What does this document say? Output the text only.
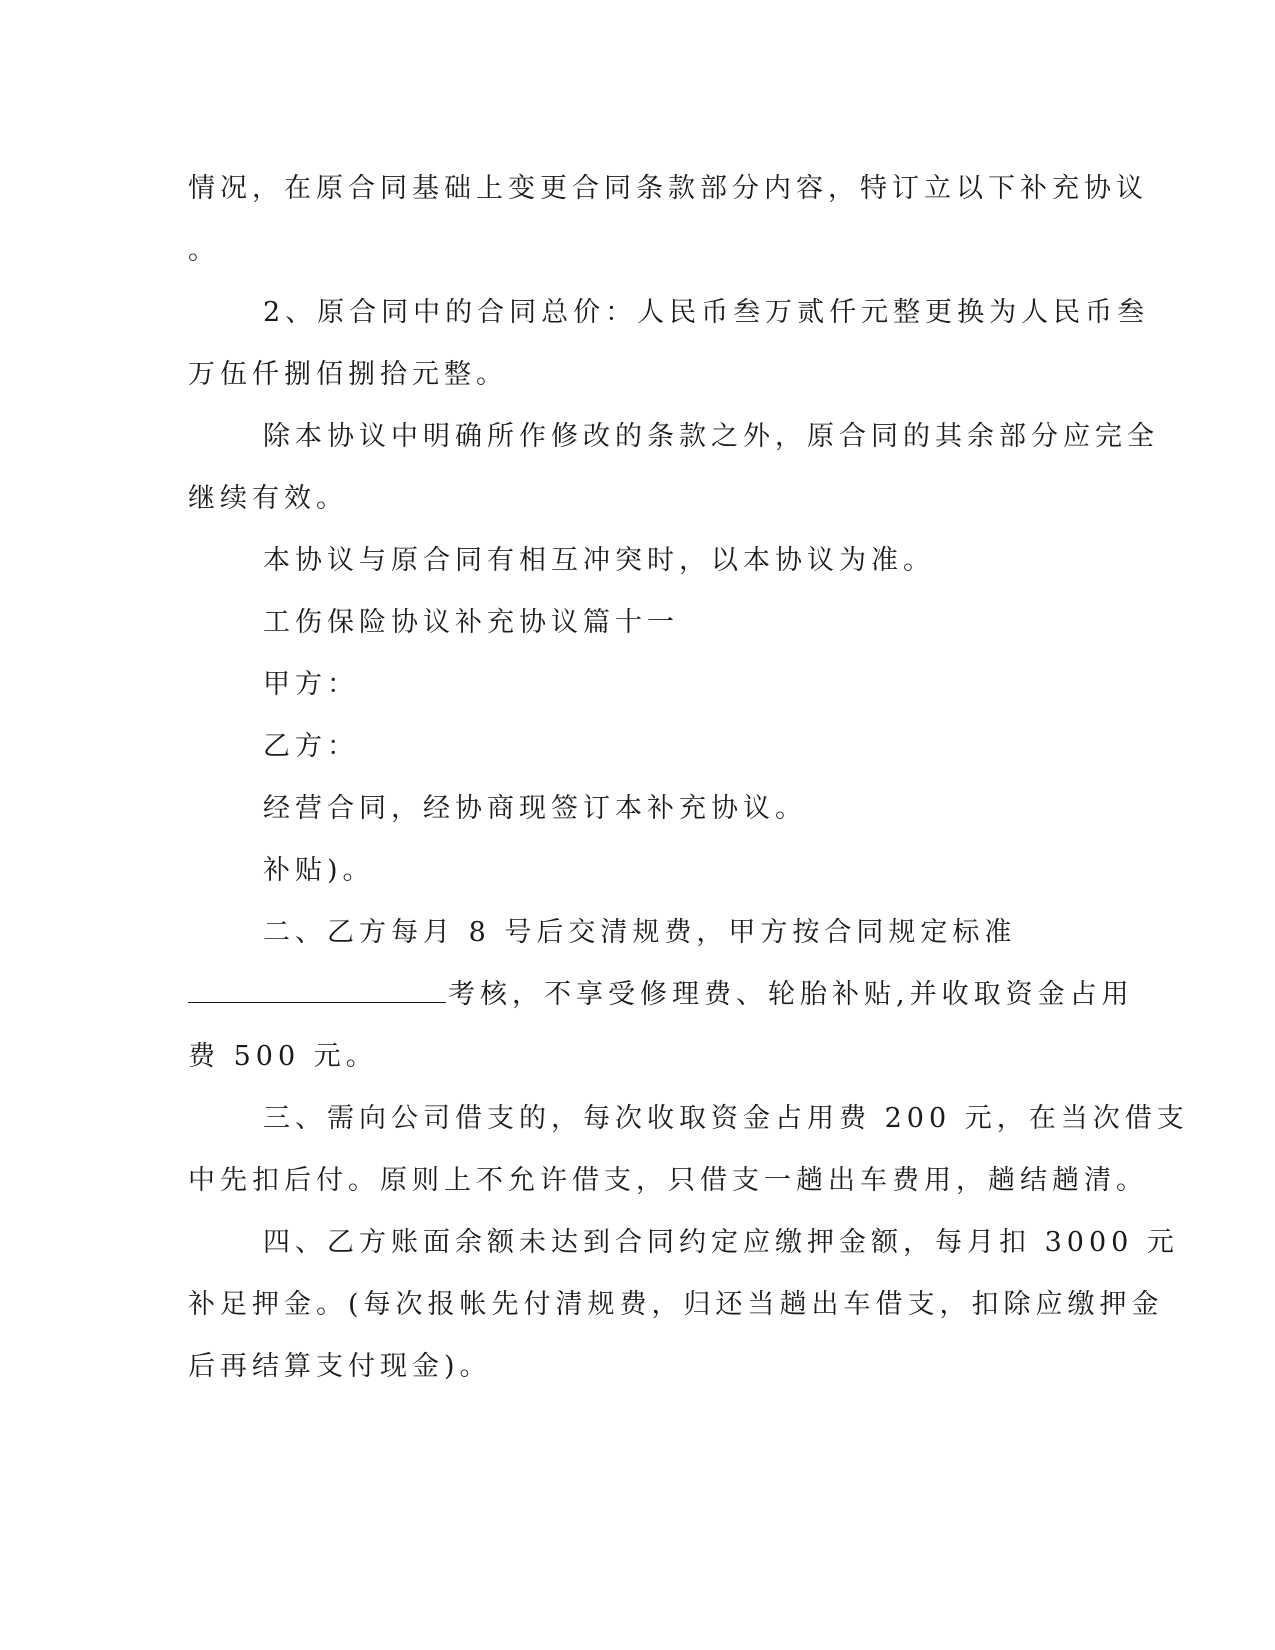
情况，在原合同基础上变更合同条款部分内容，特订立以下补充协议
。
2、原合同中的合同总价：人民币叁万贰仟元整更换为人民币叁
万伍仟捌佰捌拾元整。
除本协议中明确所作修改的条款之外，原合同的其余部分应完全
继续有效。
本协议与原合同有相互冲突时，以本协议为准。
工伤保险协议补充协议篇十一
甲方：
乙方：
经营合同，经协商现签订本补充协议。
补贴)。
二、乙方每月 8 号后交清规费，甲方按合同规定标准
考核，不享受修理费、轮胎补贴,并收取资金占用
费 500 元。
三、需向公司借支的，每次收取资金占用费 200 元，在当次借支
中先扣后付。原则上不允许借支，只借支一趟出车费用，趟结趟清。
四、乙方账面余额未达到合同约定应缴押金额，每月扣 3000 元
补足押金。(每次报帐先付清规费，归还当趟出车借支，扣除应缴押金
后再结算支付现金)。
